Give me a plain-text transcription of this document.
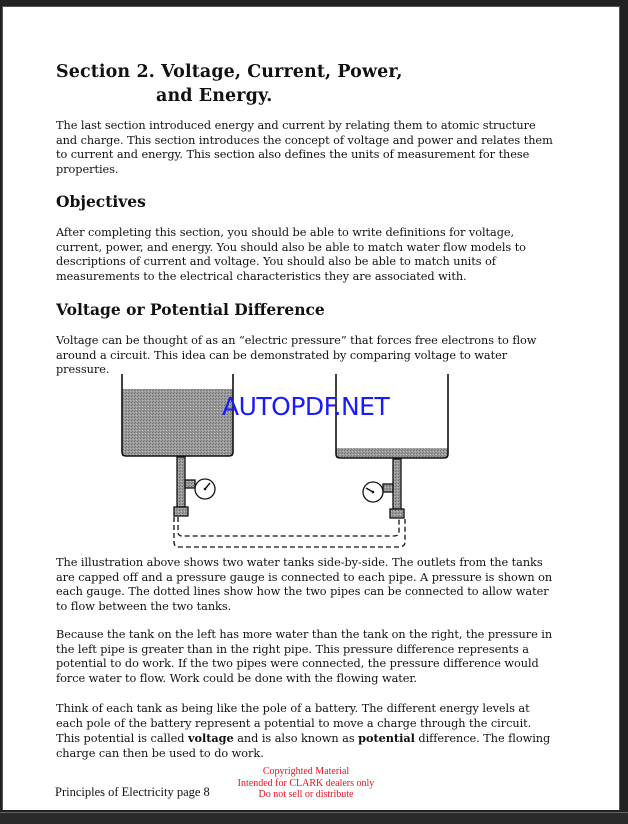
Section 2. Voltage, Current, Power,
and Energy.
The last section introduced energy and current by relating them to atomic structure and charge. This section introduces the concept of voltage and power and relates them to current and energy. This section also defines the units of measurement for these properties.
Objectives
After completing this section, you should be able to write definitions for voltage, current, power, and energy. You should also be able to match water flow models to descriptions of current and voltage. You should also be able to match units of measurements to the electrical characteristics they are associated with.
Voltage or Potential Difference
Voltage can be thought of as an “electric pressure” that forces free electrons to flow around a circuit. This idea can be demonstrated by comparing voltage to water pressure.
AUTOPDF.NET
The illustration above shows two water tanks side-by-side. The outlets from the tanks are capped off and a pressure gauge is connected to each pipe. A pressure is shown on each gauge. The dotted lines show how the two pipes can be connected to allow water to flow between the two tanks.
Because the tank on the left has more water than the tank on the right, the pressure in the left pipe is greater than in the right pipe. This pressure difference represents a potential to do work. If the two pipes were connected, the pressure difference would force water to flow. Work could be done with the flowing water.
Think of each tank as being like the pole of a battery. The different energy levels at each pole of the battery represent a potential to move a charge through the circuit. This potential is called voltage and is also known as potential difference. The flowing charge can then be used to do work.
Principles of Electricity page 8
Copyrighted Material
Intended for CLARK dealers only
Do not sell or distribute
